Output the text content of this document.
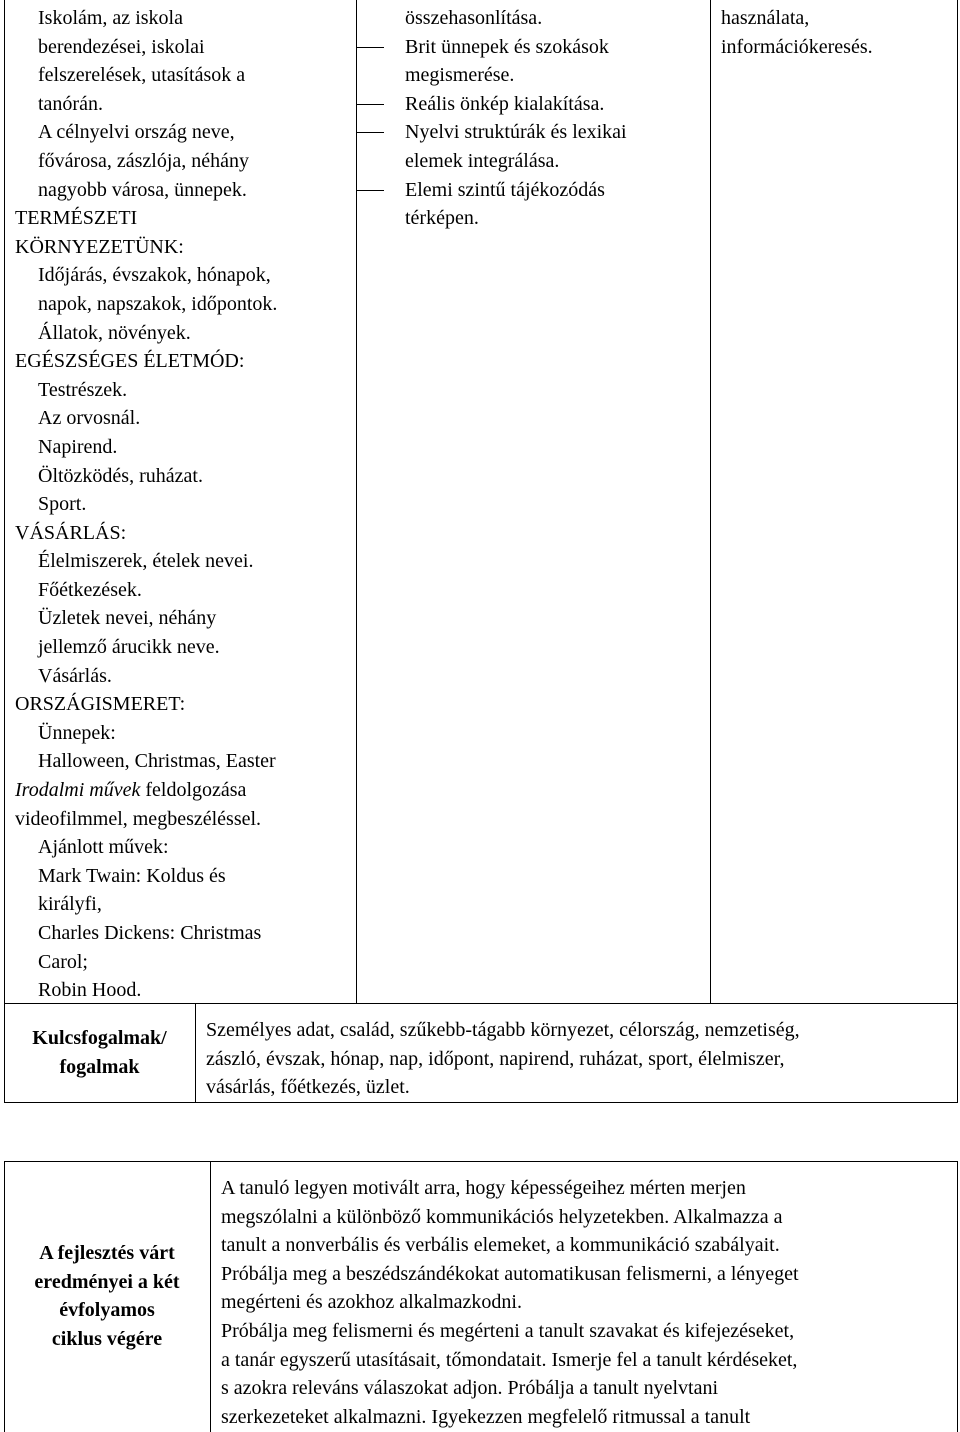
Iskolám, az iskola
berendezései, iskolai
felszerelések, utasítások a
tanórán.
A célnyelvi ország neve,
fővárosa, zászlója, néhány
nagyobb városa, ünnepek.
TERMÉSZETI
KÖRNYEZETÜNK:
Időjárás, évszakok, hónapok,
napok, napszakok, időpontok.
Állatok, növények.
EGÉSZSÉGES ÉLETMÓD:
Testrészek.
Az orvosnál.
Napirend.
Öltözködés, ruházat.
Sport.
VÁSÁRLÁS:
Élelmiszerek, ételek nevei.
Főétkezések.
Üzletek nevei, néhány
jellemző árucikk neve.
Vásárlás.
ORSZÁGISMERET:
Ünnepek:
Halloween, Christmas, Easter
Irodalmi művek feldolgozása
videofilmmel, megbeszéléssel.
Ajánlott művek:
Mark Twain: Koldus és
királyfi,
Charles Dickens: Christmas
Carol;
Robin Hood.
összehasonlítása.
Brit ünnepek és szokások
megismerése.
Reális önkép kialakítása.
Nyelvi struktúrák és lexikai
elemek integrálása.
Elemi szintű tájékozódás
térképen.
használata,
információkeresés.
Kulcsfogalmak/
fogalmak
Személyes adat, család, szűkebb-tágabb környezet, célország, nemzetiség,
zászló, évszak, hónap, nap, időpont, napirend, ruházat, sport, élelmiszer,
vásárlás, főétkezés, üzlet.
A fejlesztés várt
eredményei a két
évfolyamos
ciklus végére
A tanuló legyen motivált arra, hogy képességeihez mérten merjen
megszólalni a különböző kommunikációs helyzetekben. Alkalmazza a
tanult a nonverbális és verbális elemeket, a kommunikáció szabályait.
Próbálja meg a beszédszándékokat automatikusan felismerni, a lényeget
megérteni és azokhoz alkalmazkodni.
Próbálja meg felismerni és megérteni a tanult szavakat és kifejezéseket,
a tanár egyszerű utasításait, tőmondatait. Ismerje fel a tanult kérdéseket,
s azokra releváns válaszokat adjon. Próbálja a tanult nyelvtani
szerkezeteket alkalmazni. Igyekezzen megfelelő ritmussal a tanult
